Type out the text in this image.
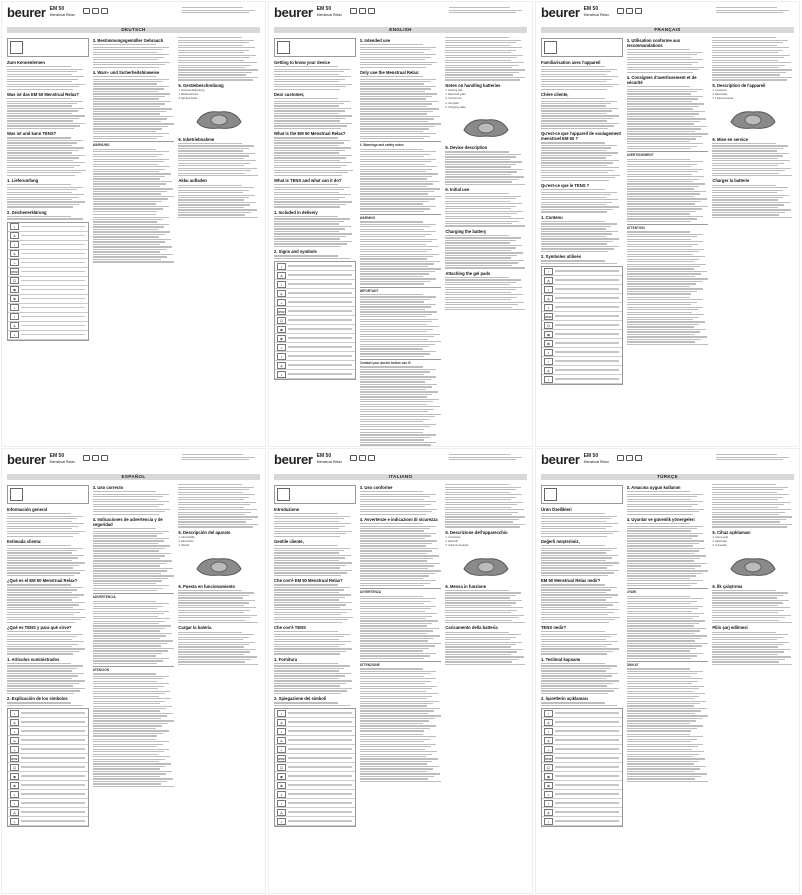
beurer EM 50
Menstrual Relax
DEUTSCH
Zum Kennenlernen
Was ist das EM 50 Menstrual Relax?
Was ist und kann TENS?
1. Lieferumfang
2. Zeichenerklärung
!
⚠
i
♨
⌁
IP22
☐
⊠
♻
≈
!
⚠
i
3. Bestimmungsgemäßer Gebrauch
4. Warn- und Sicherheitshinweise
WARNUNG
5. Gerätebeschreibung
1. Heizpad-Abdeckung
2. Bedienelement
3. Ein/Aus-Taste
6. Inbetriebnahme
Akku aufladen
beurer EM 50
Menstrual Relax
ENGLISH
Getting to know your device
Dear customer,
What is the EM 50 Menstrual Relax?
What is TENS and what can it do?
1. Included in delivery
2. Signs and symbols
!
⚠
i
♨
⌁
IP22
☐
⊠
♻
≈
!
⚠
i
3. Intended use
Only use the Menstrual Relax:
4. Warnings and safety notes
WARNING
IMPORTANT
Contact your doctor before use if:
Notes on handling batteries
1. Heating pad
2. Electrode pads
3. Control unit
4. Gel pads
5. Charging cable
5. Device description
6. Initial use
Charging the battery
Attaching the gel pads
beurer EM 50
Menstrual Relax
FRANÇAIS
Familiarisation avec l'appareil
Chère cliente,
Qu'est-ce que l'appareil de soulagement menstruel EM 50 ?
Qu'est-ce que le TENS ?
1. Contenu
2. Symboles utilisés
!
⚠
i
♨
⌁
IP22
☐
⊠
♻
≈
!
⚠
i
3. Utilisation conforme aux recommandations
4. Consignes d'avertissement et de sécurité
AVERTISSEMENT
ATTENTION
5. Description de l'appareil
1. Coussinet
2. Électrodes
3. Télécommande
6. Mise en service
Charger la batterie
beurer EM 50
Menstrual Relax
ESPAÑOL
Información general
Estimada clienta:
¿Qué es el EM 50 Menstrual Relax?
¿Qué es TENS y para qué sirve?
1. Artículos suministrados
2. Explicación de los símbolos
!
⚠
i
♨
⌁
IP22
☐
⊠
♻
≈
!
⚠
i
3. Uso correcto
4. Indicaciones de advertencia y de seguridad
ADVERTENCIA
ATENCIÓN
5. Descripción del aparato
1. Almohadilla
2. Electrodos
3. Mando
6. Puesta en funcionamiento
Cargar la batería
beurer EM 50
Menstrual Relax
ITALIANO
Introduzione
Gentile cliente,
Che cos'è EM 50 Menstrual Relax?
Che cos'è TENS
1. Fornitura
2. Spiegazione dei simboli
!
⚠
i
♨
⌁
IP22
☐
⊠
♻
≈
!
⚠
i
3. Uso conforme
4. Avvertenze e indicazioni di sicurezza
AVVERTENZA
ATTENZIONE
5. Descrizione dell'apparecchio
1. Cuscinetto
2. Elettrodi
3. Unità di comando
6. Messa in funzione
Caricamento della batteria
beurer EM 50
Menstrual Relax
TÜRKÇE
Ürün Özellikleri
Değerli müşterimiz,
EM 50 Menstrual Relax nedir?
TENS nedir?
1. Teslimat kapsamı
2. İşaretlerin açıklaması
!
⚠
i
♨
⌁
IP22
☐
⊠
♻
≈
!
⚠
i
3. Amacına uygun kullanım
4. Uyarılar ve güvenlik yönergeleri
UYARI
DİKKAT
5. Cihaz açıklaması
1. Isıtma pedi
2. Elektrotlar
3. Kumanda
6. İlk çalıştırma
Pilin şarj edilmesi
